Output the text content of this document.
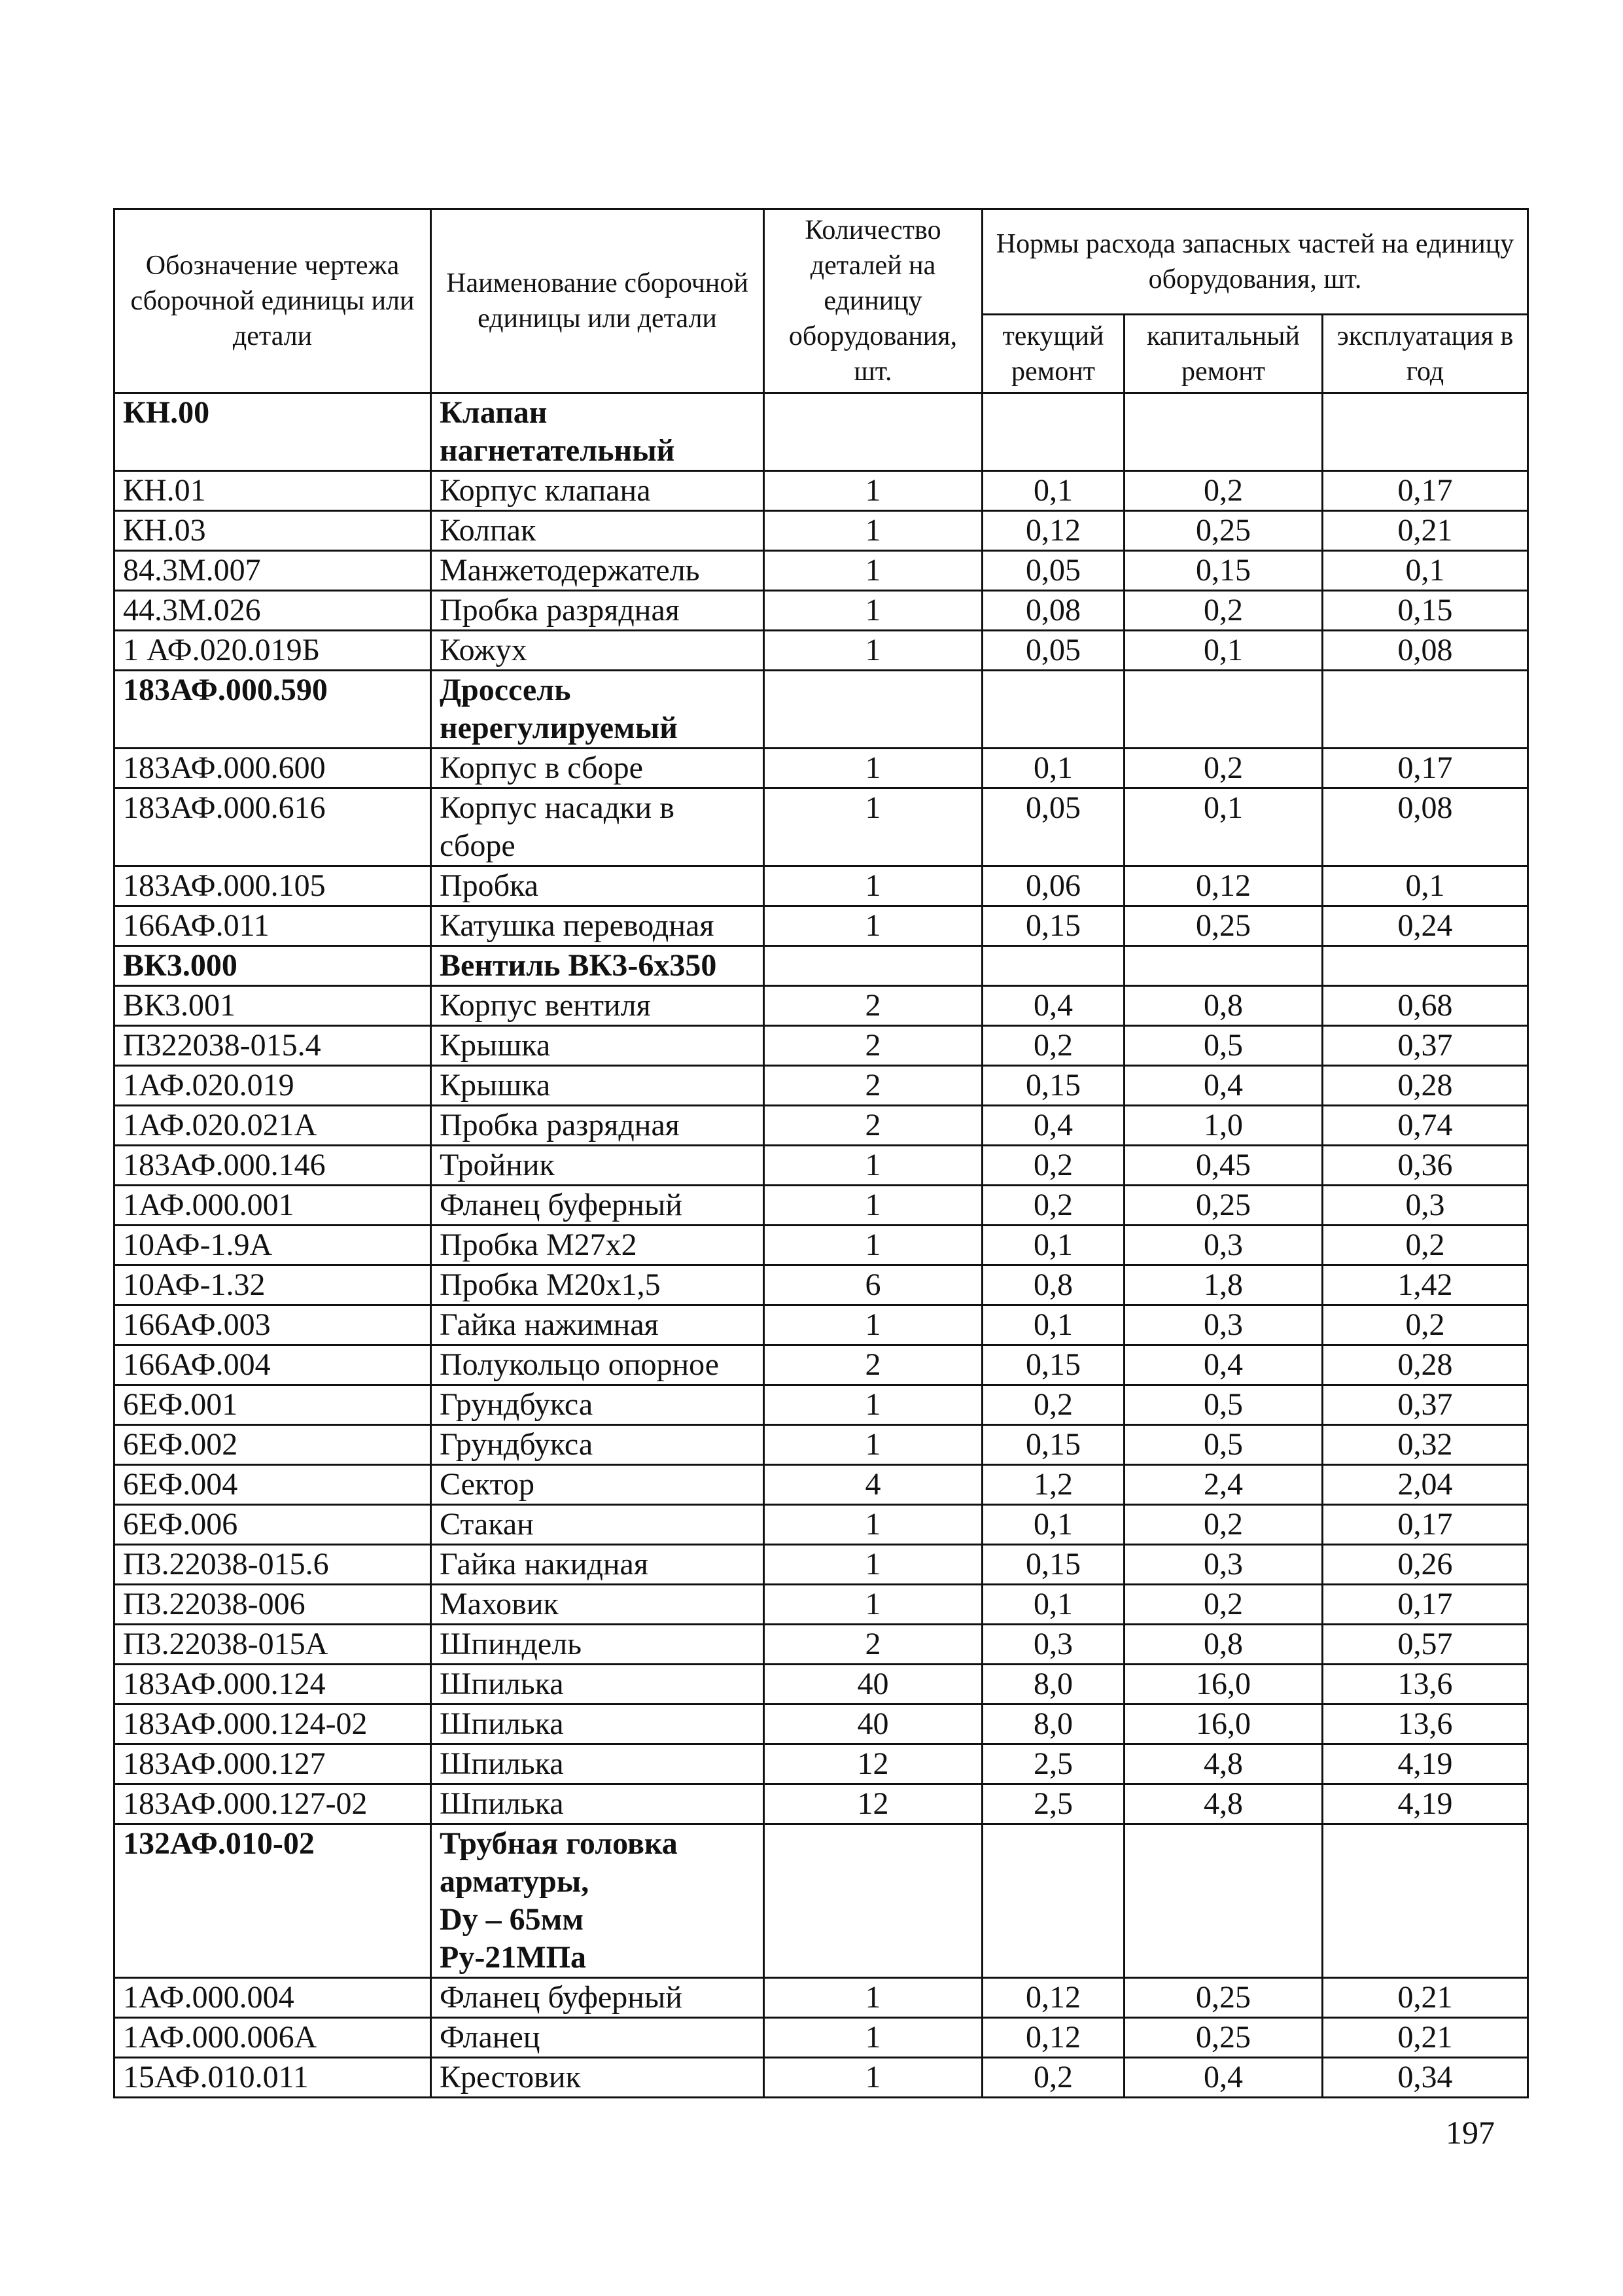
Обозначение чертежа сборочной единицы или детали	Наименование сборочной единицы или детали	Количество деталей на единицу оборудования, шт.	Нормы расхода запасных частей на единицу оборудования, шт.		
			текущий ремонт	капитальный ремонт	эксплуатация в год
КН.00	Клапан нагнетательный				
КН.01	Корпус клапана	1	0,1	0,2	0,17
КН.03	Колпак	1	0,12	0,25	0,21
84.3М.007	Манжетодержатель	1	0,05	0,15	0,1
44.3М.026	Пробка разрядная	1	0,08	0,2	0,15
1 АФ.020.019Б	Кожух	1	0,05	0,1	0,08
183АФ.000.590	Дроссель нерегулируемый				
183АФ.000.600	Корпус в сборе	1	0,1	0,2	0,17
183АФ.000.616	Корпус насадки в сборе	1	0,05	0,1	0,08
183АФ.000.105	Пробка	1	0,06	0,12	0,1
166АФ.011	Катушка переводная	1	0,15	0,25	0,24
ВК3.000	Вентиль ВК3-6х350				
ВК3.001	Корпус вентиля	2	0,4	0,8	0,68
П322038-015.4	Крышка	2	0,2	0,5	0,37
1АФ.020.019	Крышка	2	0,15	0,4	0,28
1АФ.020.021А	Пробка разрядная	2	0,4	1,0	0,74
183АФ.000.146	Тройник	1	0,2	0,45	0,36
1АФ.000.001	Фланец буферный	1	0,2	0,25	0,3
10АФ-1.9А	Пробка М27х2	1	0,1	0,3	0,2
10АФ-1.32	Пробка М20х1,5	6	0,8	1,8	1,42
166АФ.003	Гайка нажимная	1	0,1	0,3	0,2
166АФ.004	Полукольцо опорное	2	0,15	0,4	0,28
6ЕФ.001	Грундбукса	1	0,2	0,5	0,37
6ЕФ.002	Грундбукса	1	0,15	0,5	0,32
6ЕФ.004	Сектор	4	1,2	2,4	2,04
6ЕФ.006	Стакан	1	0,1	0,2	0,17
П3.22038-015.6	Гайка накидная	1	0,15	0,3	0,26
П3.22038-006	Маховик	1	0,1	0,2	0,17
П3.22038-015А	Шпиндель	2	0,3	0,8	0,57
183АФ.000.124	Шпилька	40	8,0	16,0	13,6
183АФ.000.124-02	Шпилька	40	8,0	16,0	13,6
183АФ.000.127	Шпилька	12	2,5	4,8	4,19
183АФ.000.127-02	Шпилька	12	2,5	4,8	4,19
132АФ.010-02	Трубная головка арматуры,
Dу – 65мм
Pу-21МПа				

1АФ.000.004	Фланец буферный	1	0,12	0,25	0,21
1АФ.000.006А	Фланец	1	0,12	0,25	0,21
15АФ.010.011	Крестовик	1	0,2	0,4	0,34
197
